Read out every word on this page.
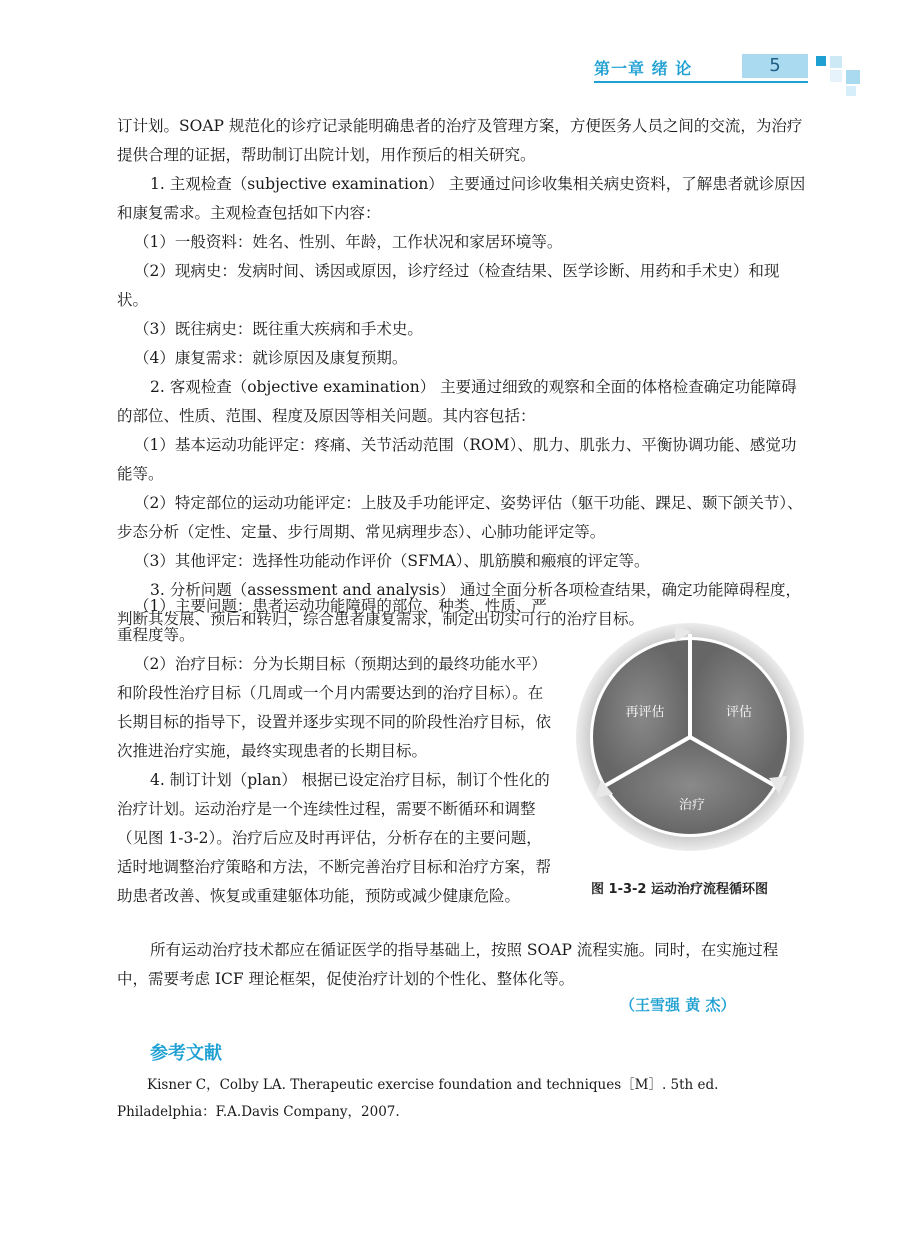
第一章 绪 论	5

订计划。SOAP 规范化的诊疗记录能明确患者的治疗及管理方案，方便医务人员之间的交流，为治疗提供合理的证据，帮助制订出院计划，用作预后的相关研究。

1. 主观检查（subjective examination） 主要通过问诊收集相关病史资料，了解患者就诊原因和康复需求。主观检查包括如下内容：

（1）一般资料：姓名、性别、年龄，工作状况和家居环境等。

（2）现病史：发病时间、诱因或原因，诊疗经过（检查结果、医学诊断、用药和手术史）和现状。

（3）既往病史：既往重大疾病和手术史。

（4）康复需求：就诊原因及康复预期。

2. 客观检查（objective examination） 主要通过细致的观察和全面的体格检查确定功能障碍的部位、性质、范围、程度及原因等相关问题。其内容包括：

（1）基本运动功能评定：疼痛、关节活动范围（ROM）、肌力、肌张力、平衡协调功能、感觉功能等。

（2）特定部位的运动功能评定：上肢及手功能评定、姿势评估（躯干功能、踝足、颞下颌关节）、步态分析（定性、定量、步行周期、常见病理步态）、心肺功能评定等。

（3）其他评定：选择性功能动作评价（SFMA）、肌筋膜和瘢痕的评定等。

3. 分析问题（assessment and analysis） 通过全面分析各项检查结果，确定功能障碍程度，判断其发展、预后和转归，综合患者康复需求，制定出切实可行的治疗目标。

（1）主要问题：患者运动功能障碍的部位、种类、性质、严重程度等。

（2）治疗目标：分为长期目标（预期达到的最终功能水平）和阶段性治疗目标（几周或一个月内需要达到的治疗目标）。在长期目标的指导下，设置并逐步实现不同的阶段性治疗目标，依次推进治疗实施，最终实现患者的长期目标。

4. 制订计划（plan） 根据已设定治疗目标，制订个性化的治疗计划。运动治疗是一个连续性过程，需要不断循环和调整（见图 1-3-2）。治疗后应及时再评估，分析存在的主要问题，适时地调整治疗策略和方法，不断完善治疗目标和治疗方案，帮助患者改善、恢复或重建躯体功能，预防或减少健康危险。

所有运动治疗技术都应在循证医学的指导基础上，按照 SOAP 流程实施。同时，在实施过程中，需要考虑 ICF 理论框架，促使治疗计划的个性化、整体化等。

再评估	评估
治疗
图 1-3-2 运动治疗流程循环图
（王雪强 黄 杰）
参考文献
Kisner C，Colby LA. Therapeutic exercise foundation and techniques［M］. 5th ed. Philadelphia：F.A.Davis Company，2007.
